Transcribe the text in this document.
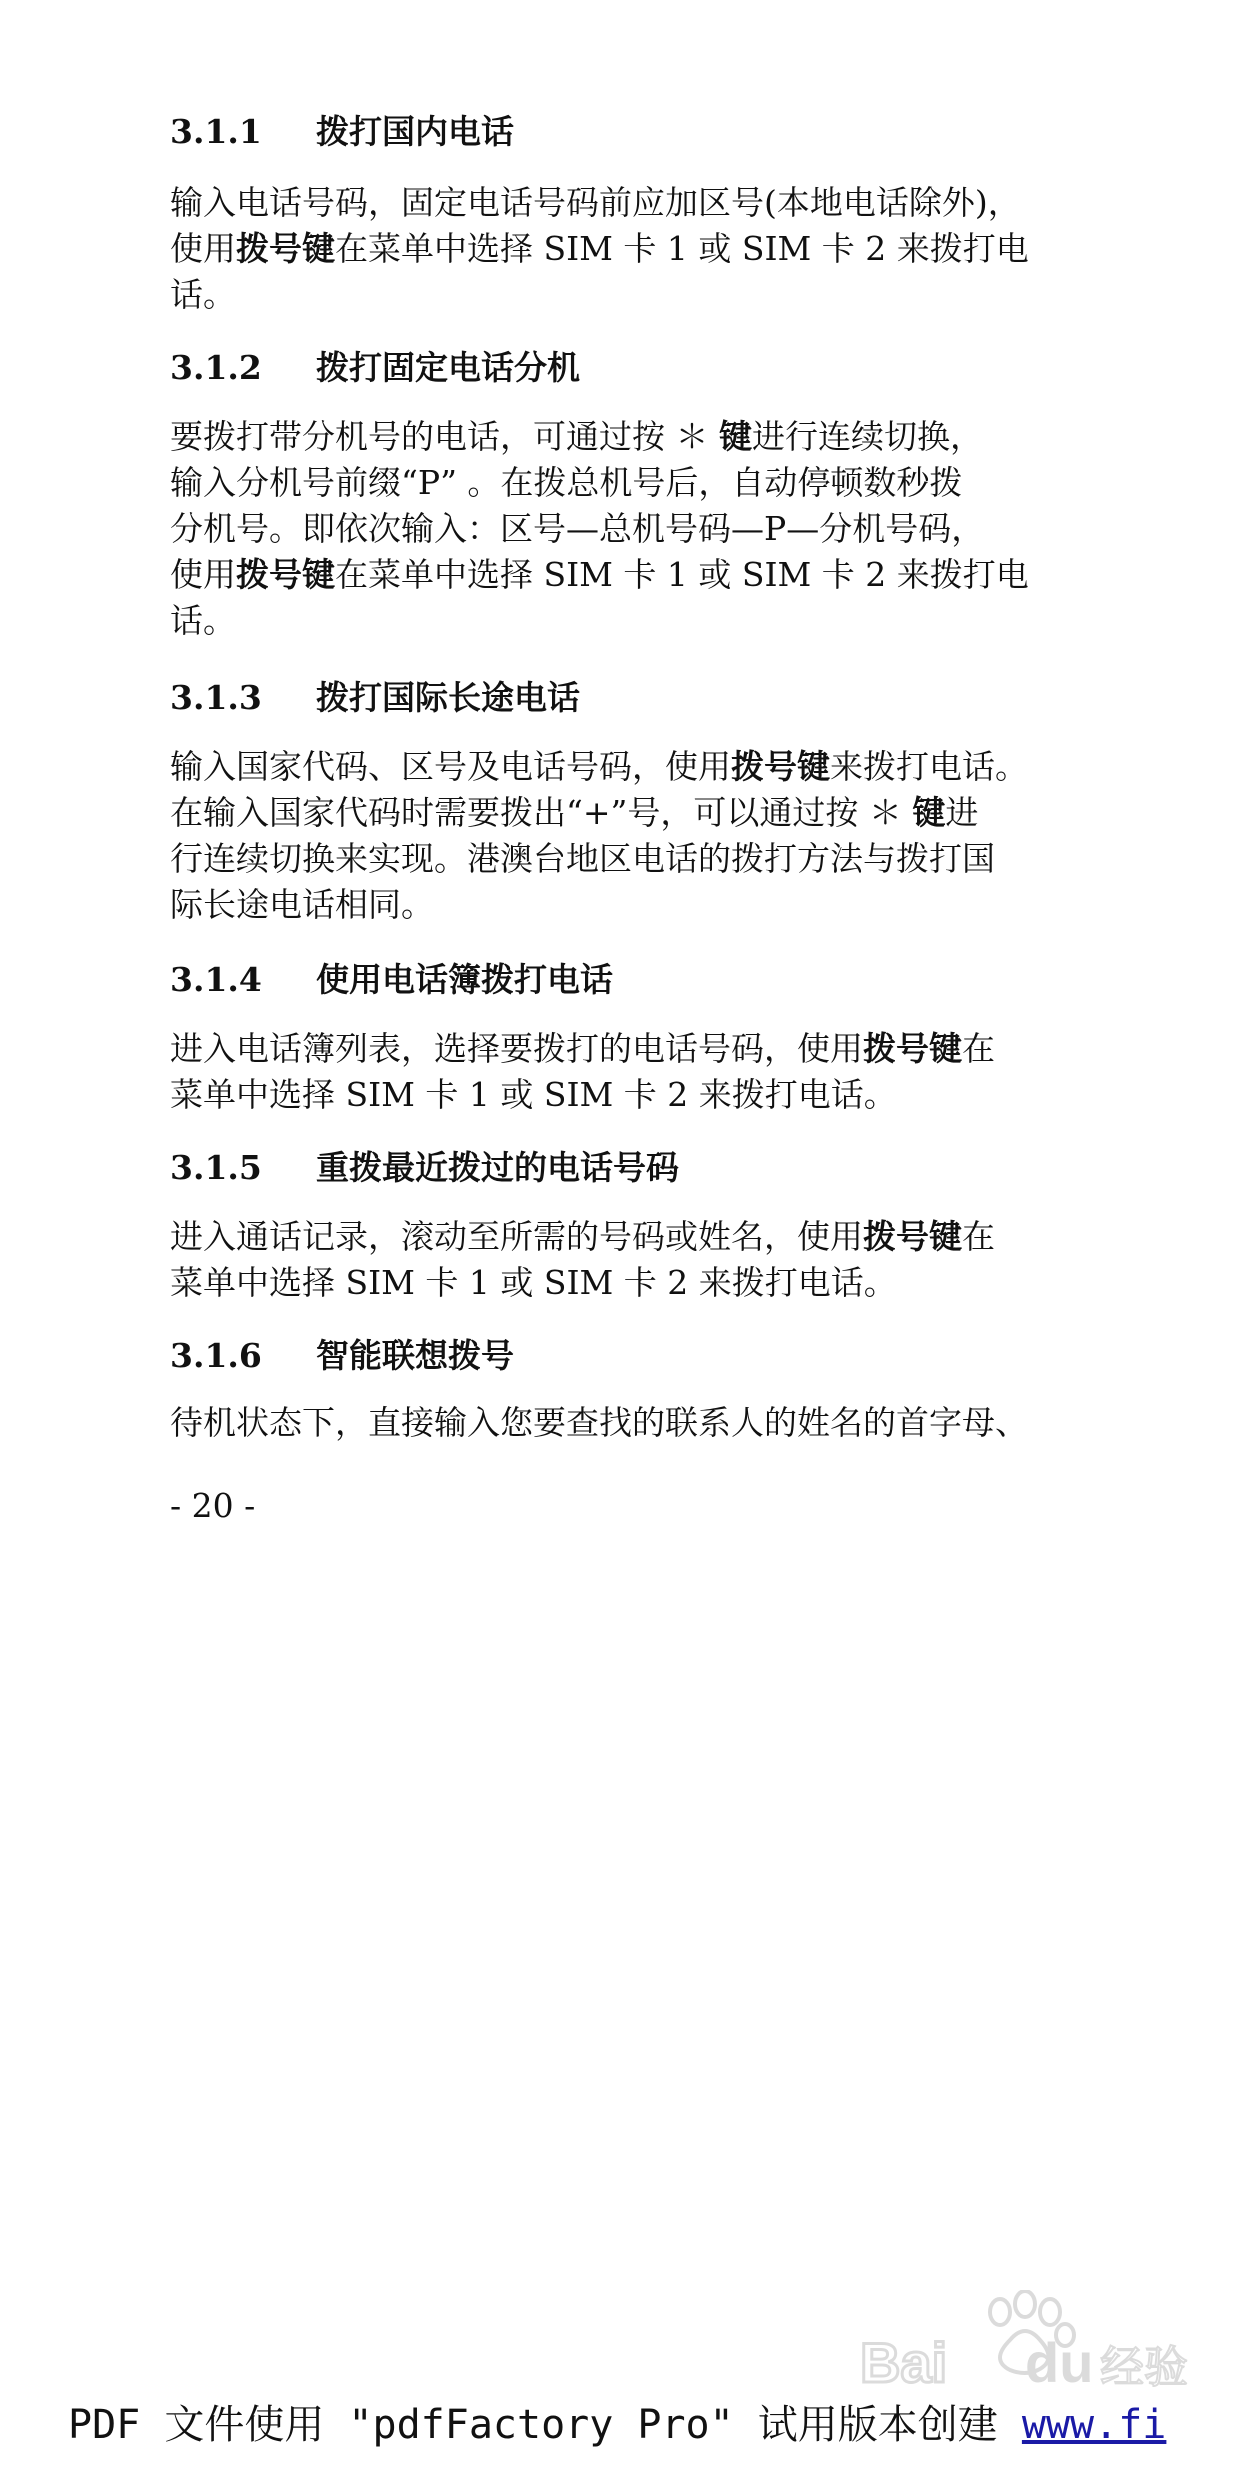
3.1.1 拨打国内电话
输入电话号码，固定电话号码前应加区号(本地电话除外)，
使用拨号键在菜单中选择 SIM 卡 1 或 SIM 卡 2 来拨打电
话。
3.1.2 拨打固定电话分机
要拨打带分机号的电话，可通过按 ＊ 键进行连续切换，
输入分机号前缀“P” 。在拨总机号后，自动停顿数秒拨
分机号。即依次输入：区号—总机号码—P—分机号码，
使用拨号键在菜单中选择 SIM 卡 1 或 SIM 卡 2 来拨打电
话。
3.1.3 拨打国际长途电话
输入国家代码、区号及电话号码，使用拨号键来拨打电话。
在输入国家代码时需要拨出“+”号，可以通过按 ＊ 键进
行连续切换来实现。港澳台地区电话的拨打方法与拨打国
际长途电话相同。
3.1.4 使用电话簿拨打电话
进入电话簿列表，选择要拨打的电话号码，使用拨号键在
菜单中选择 SIM 卡 1 或 SIM 卡 2 来拨打电话。
3.1.5 重拨最近拨过的电话号码
进入通话记录，滚动至所需的号码或姓名，使用拨号键在
菜单中选择 SIM 卡 1 或 SIM 卡 2 来拨打电话。
3.1.6 智能联想拨号
待机状态下，直接输入您要查找的联系人的姓名的首字母、
- 20 -
Bai du 经验
PDF 文件使用 "pdfFactory Pro" 试用版本创建 www.fi
